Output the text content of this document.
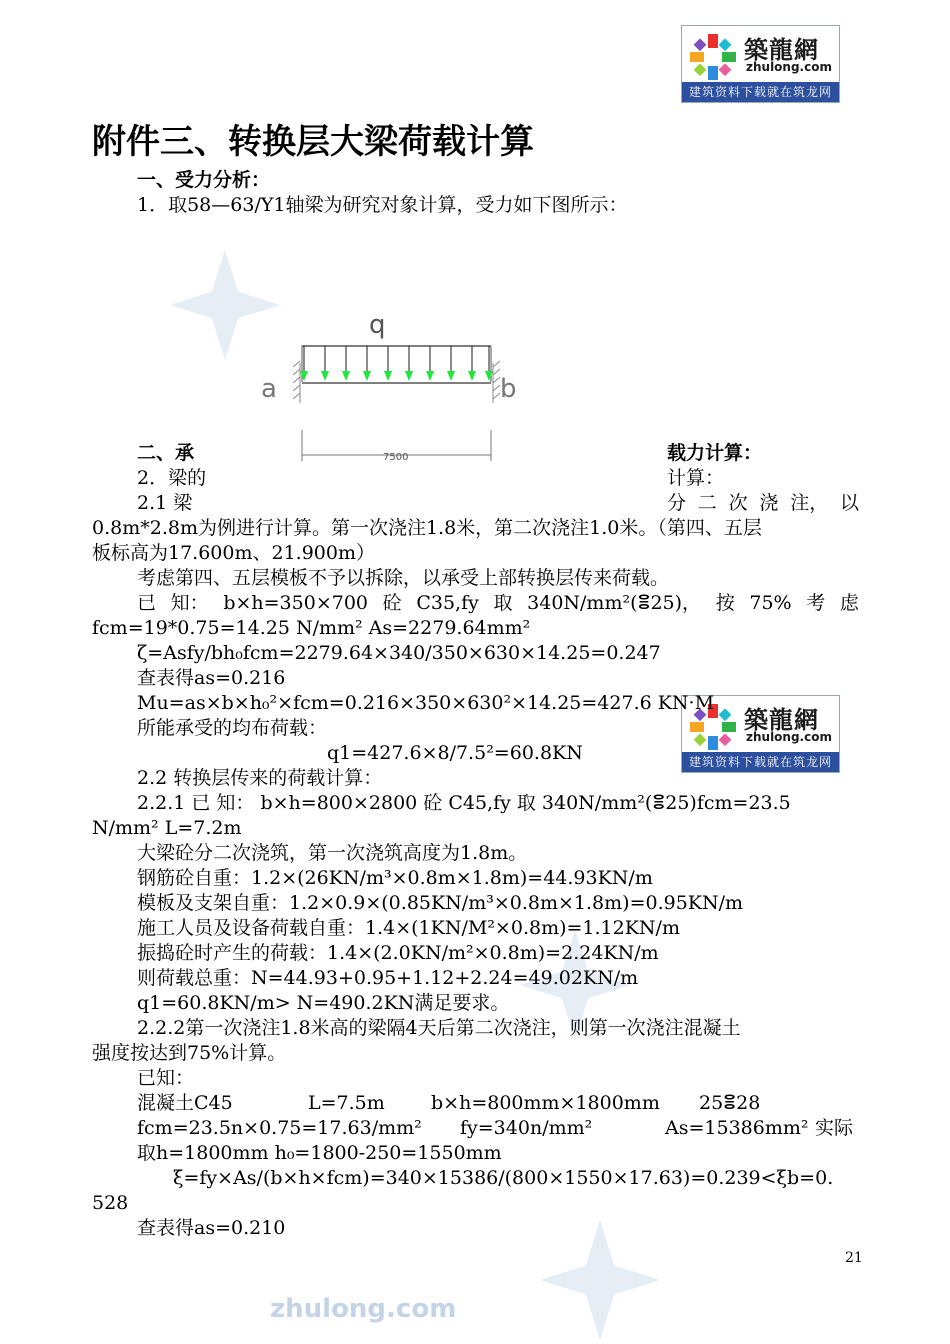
zhulong.com
築龍網
zhulong.com
建筑资料下载就在筑龙网
築龍網
zhulong.com
建筑资料下载就在筑龙网
附件三、转换层大梁荷载计算
一、受力分析：
1．取58—63/Y1轴梁为研究对象计算，受力如下图所示：
q
a	b
7500
二、承	载力计算：
2．梁的	计算：
2.1 梁	分 二 次 浇 注， 以
0.8m*2.8m为例进行计算。第一次浇注1.8米，第二次浇注1.0米。（第四、五层
板标高为17.600m、21.900m）
考虑第四、五层模板不予以拆除，以承受上部转换层传来荷载。
已 知： b×h=350×700 砼 C35,fy 取 340N/mm²(ⴻ25)， 按 75% 考 虑
fcm=19*0.75=14.25 N/mm² As=2279.64mm²
ζ=Asfy/bh₀fcm=2279.64×340/350×630×14.25=0.247
查表得as=0.216
Mu=as×b×h₀²×fcm=0.216×350×630²×14.25=427.6 KN·M
所能承受的均布荷载：
q1=427.6×8/7.5²=60.8KN
2.2 转换层传来的荷载计算：
2.2.1 已 知： b×h=800×2800 砼 C45,fy 取 340N/mm²(ⴻ25)fcm=23.5
N/mm² L=7.2m
大梁砼分二次浇筑，第一次浇筑高度为1.8m。
钢筋砼自重：1.2×(26KN/m³×0.8m×1.8m)=44.93KN/m
模板及支架自重：1.2×0.9×(0.85KN/m³×0.8m×1.8m)=0.95KN/m
施工人员及设备荷载自重：1.4×(1KN/M²×0.8m)=1.12KN/m
振捣砼时产生的荷载：1.4×(2.0KN/m²×0.8m)=2.24KN/m
则荷载总重：N=44.93+0.95+1.12+2.24=49.02KN/m
q1=60.8KN/m> N=490.2KN满足要求。
2.2.2第一次浇注1.8米高的梁隔4天后第二次浇注，则第一次浇注混凝土
强度按达到75%计算。
已知：
混凝土C45	L=7.5m b×h=800mm×1800mm 25ⴻ28
fcm=23.5n×0.75=17.63/mm² fy=340n/mm²	As=15386mm² 实际
取h=1800mm h₀=1800-250=1550mm
ξ=fy×As/(b×h×fcm)=340×15386/(800×1550×17.63)=0.239<ξb=0.
528
查表得as=0.210
21
